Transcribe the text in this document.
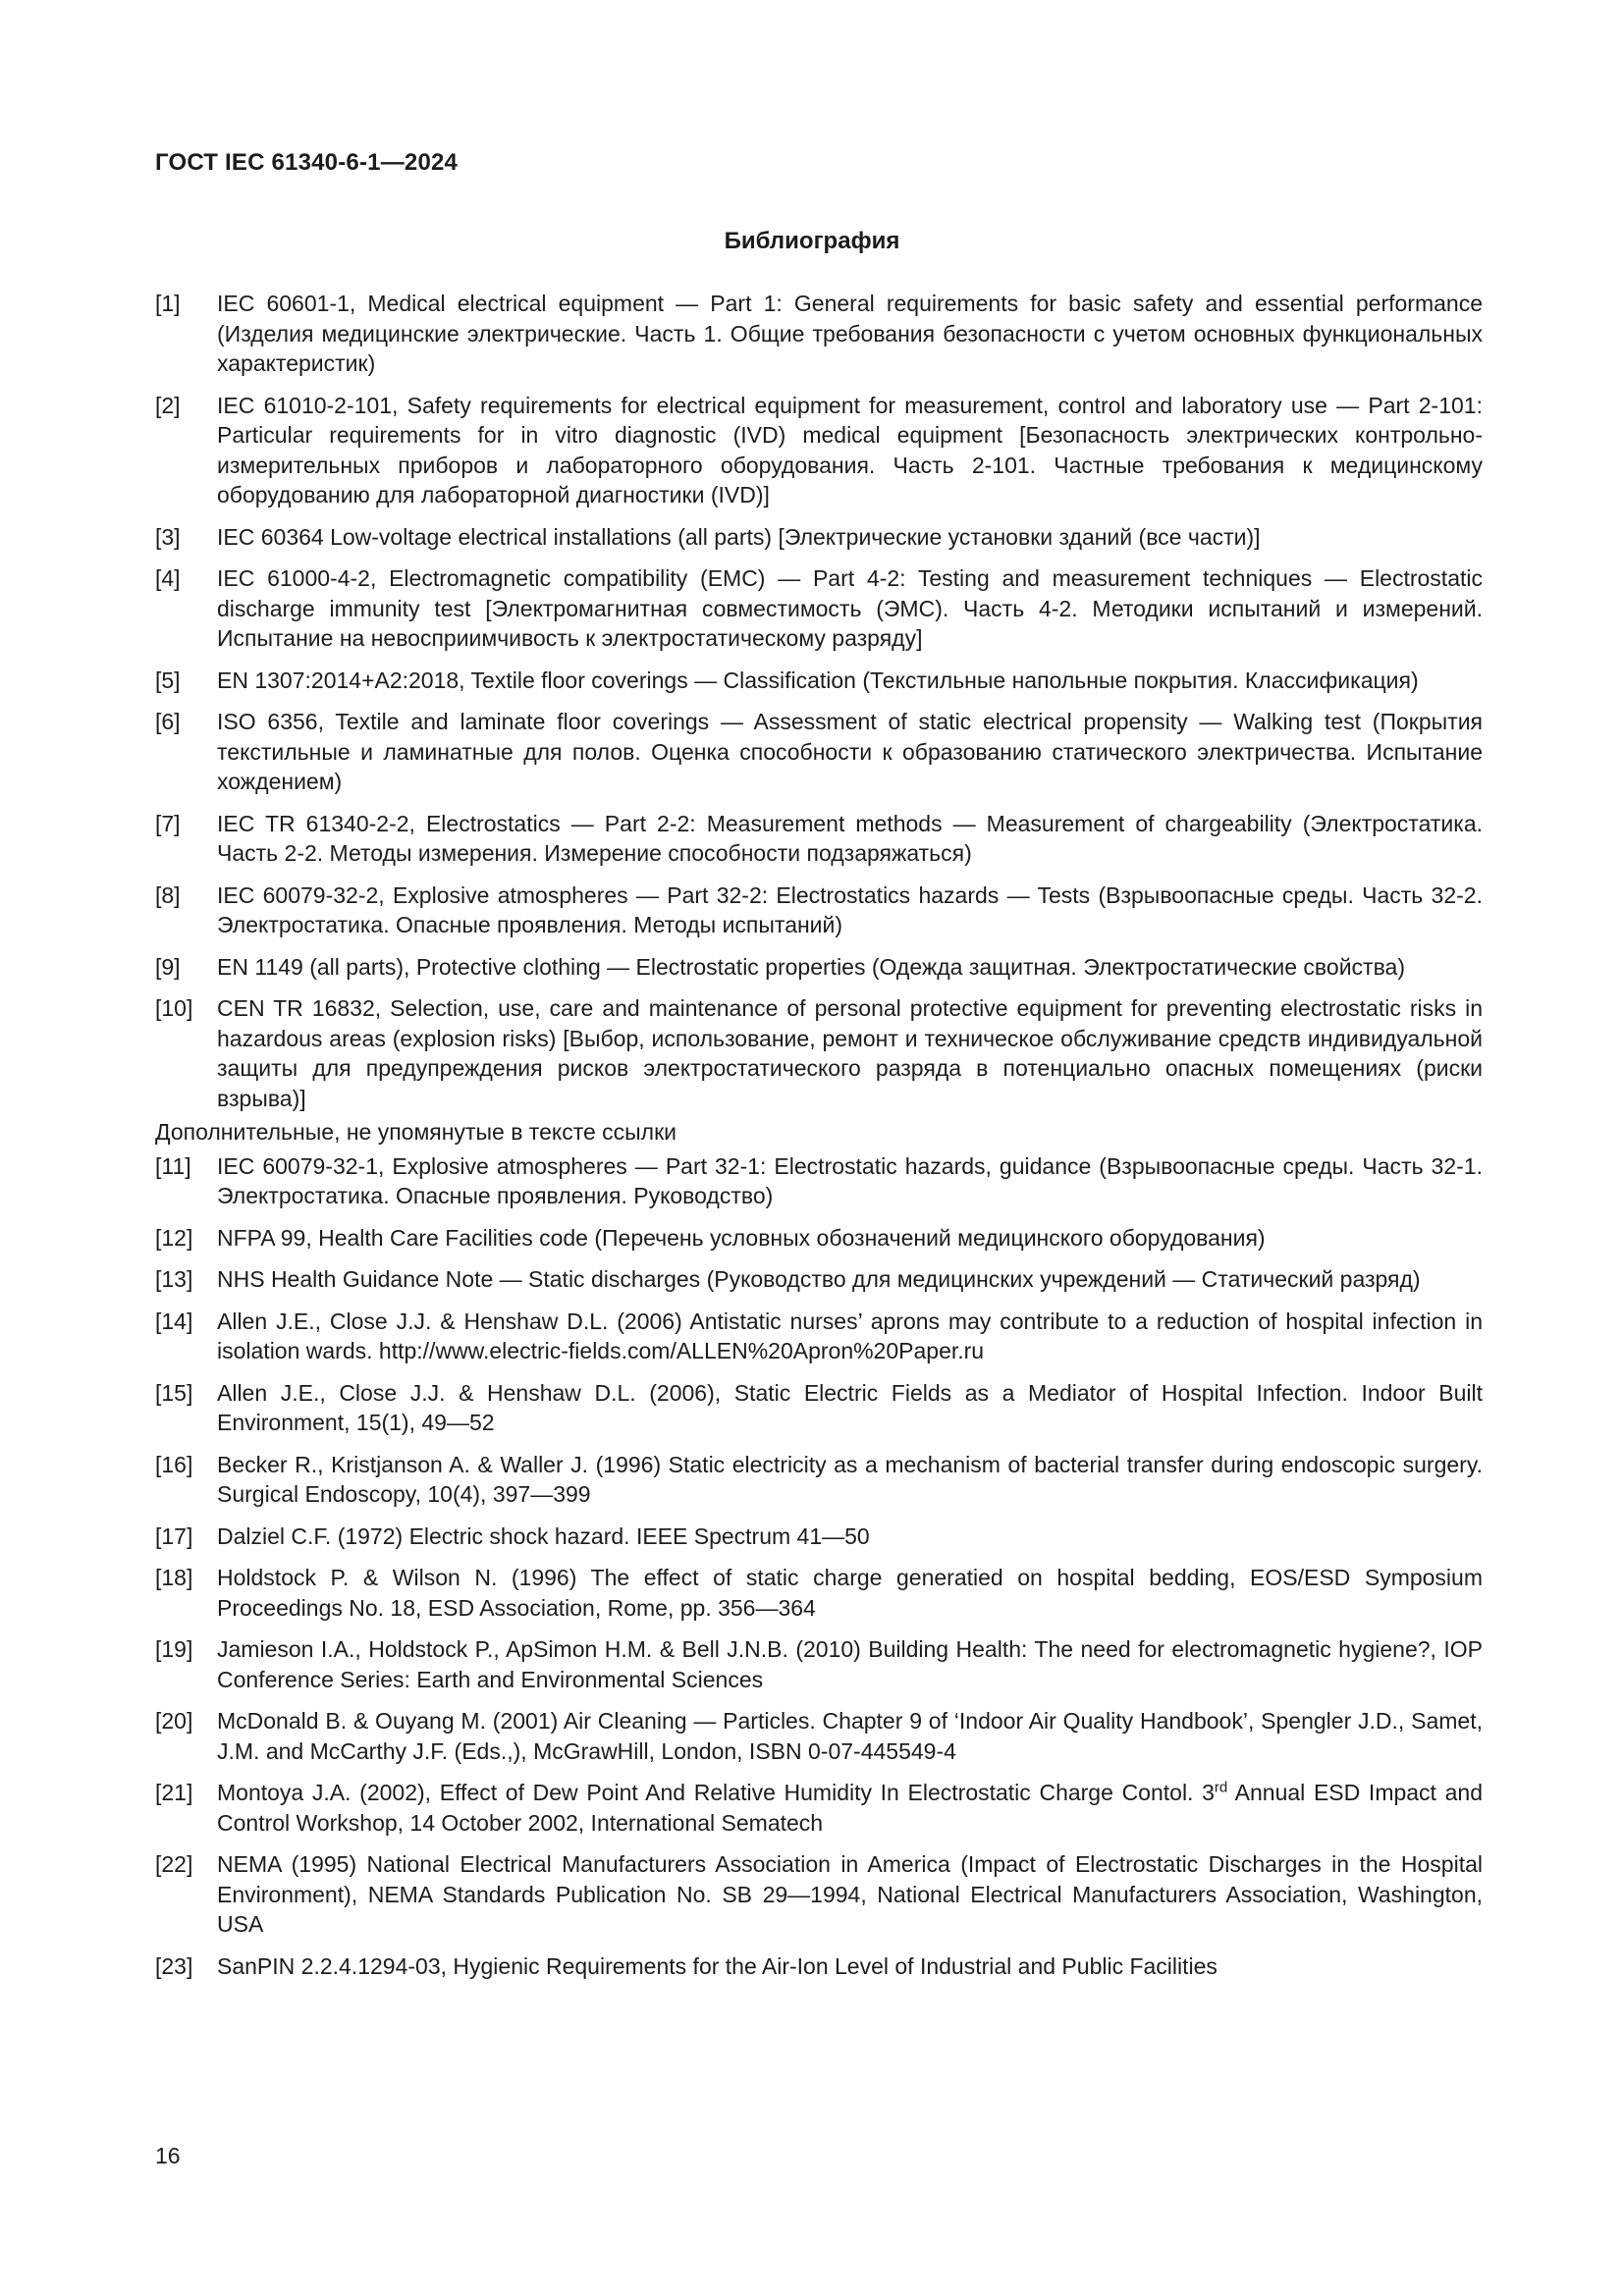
ГОСТ IEC 61340-6-1—2024
Библиография
[1]	IEC 60601-1, Medical electrical equipment — Part 1: General requirements for basic safety and essential performance (Изделия медицинские электрические. Часть 1. Общие требования безопасности с учетом основных функциональных характеристик)
[2]	IEC 61010-2-101, Safety requirements for electrical equipment for measurement, control and laboratory use — Part 2-101: Particular requirements for in vitro diagnostic (IVD) medical equipment [Безопасность электрических контрольно-измерительных приборов и лабораторного оборудования. Часть 2-101. Частные требования к медицинскому оборудованию для лабораторной диагностики (IVD)]
[3]	IEC 60364 Low-voltage electrical installations (all parts) [Электрические установки зданий (все части)]
[4]	IEC 61000-4-2, Electromagnetic compatibility (EMC) — Part 4-2: Testing and measurement techniques — Electrostatic discharge immunity test [Электромагнитная совместимость (ЭМС). Часть 4-2. Методики испытаний и измерений. Испытание на невосприимчивость к электростатическому разряду]
[5]	EN 1307:2014+A2:2018, Textile floor coverings — Classification (Текстильные напольные покрытия. Классификация)
[6]	ISO 6356, Textile and laminate floor coverings — Assessment of static electrical propensity — Walking test (Покрытия текстильные и ламинатные для полов. Оценка способности к образованию статического электричества. Испытание хождением)
[7]	IEC TR 61340-2-2, Electrostatics — Part 2-2: Measurement methods — Measurement of chargeability (Электростатика. Часть 2-2. Методы измерения. Измерение способности подзаряжаться)
[8]	IEC 60079-32-2, Explosive atmospheres — Part 32-2: Electrostatics hazards — Tests (Взрывоопасные среды. Часть 32-2. Электростатика. Опасные проявления. Методы испытаний)
[9]	EN 1149 (all parts), Protective clothing — Electrostatic properties (Одежда защитная. Электростатические свойства)
[10]	CEN TR 16832, Selection, use, care and maintenance of personal protective equipment for preventing electrostatic risks in hazardous areas (explosion risks) [Выбор, использование, ремонт и техническое обслуживание средств индивидуальной защиты для предупреждения рисков электростатического разряда в потенциально опасных помещениях (риски взрыва)]
Дополнительные, не упомянутые в тексте ссылки
[11]	IEC 60079-32-1, Explosive atmospheres — Part 32-1: Electrostatic hazards, guidance (Взрывоопасные среды. Часть 32-1. Электростатика. Опасные проявления. Руководство)
[12]	NFPA 99, Health Care Facilities code (Перечень условных обозначений медицинского оборудования)
[13]	NHS Health Guidance Note — Static discharges (Руководство для медицинских учреждений — Статический разряд)
[14]	Allen J.E., Close J.J. & Henshaw D.L. (2006) Antistatic nurses’ aprons may contribute to a reduction of hospital infection in isolation wards. http://www.electric-fields.com/ALLEN%20Apron%20Paper.ru
[15]	Allen J.E., Close J.J. & Henshaw D.L. (2006), Static Electric Fields as a Mediator of Hospital Infection. Indoor Built Environment, 15(1), 49—52
[16]	Becker R., Kristjanson A. & Waller J. (1996) Static electricity as a mechanism of bacterial transfer during endoscopic surgery. Surgical Endoscopy, 10(4), 397—399
[17]	Dalziel C.F. (1972) Electric shock hazard. IEEE Spectrum 41—50
[18]	Holdstock P. & Wilson N. (1996) The effect of static charge generatied on hospital bedding, EOS/ESD Symposium Proceedings No. 18, ESD Association, Rome, pp. 356—364
[19]	Jamieson I.A., Holdstock P., ApSimon H.M. & Bell J.N.B. (2010) Building Health: The need for electromagnetic hygiene?, IOP Conference Series: Earth and Environmental Sciences
[20]	McDonald B. & Ouyang M. (2001) Air Cleaning — Particles. Chapter 9 of ‘Indoor Air Quality Handbook’, Spengler J.D., Samet, J.M. and McCarthy J.F. (Eds.,), McGrawHill, London, ISBN 0-07-445549-4
[21]	Montoya J.A. (2002), Effect of Dew Point And Relative Humidity In Electrostatic Charge Contol. 3rd Annual ESD Impact and Control Workshop, 14 October 2002, International Sematech
[22]	NEMA (1995) National Electrical Manufacturers Association in America (Impact of Electrostatic Discharges in the Hospital Environment), NEMA Standards Publication No. SB 29—1994, National Electrical Manufacturers Association, Washington, USA
[23]	SanPIN 2.2.4.1294-03, Hygienic Requirements for the Air-Ion Level of Industrial and Public Facilities
16
